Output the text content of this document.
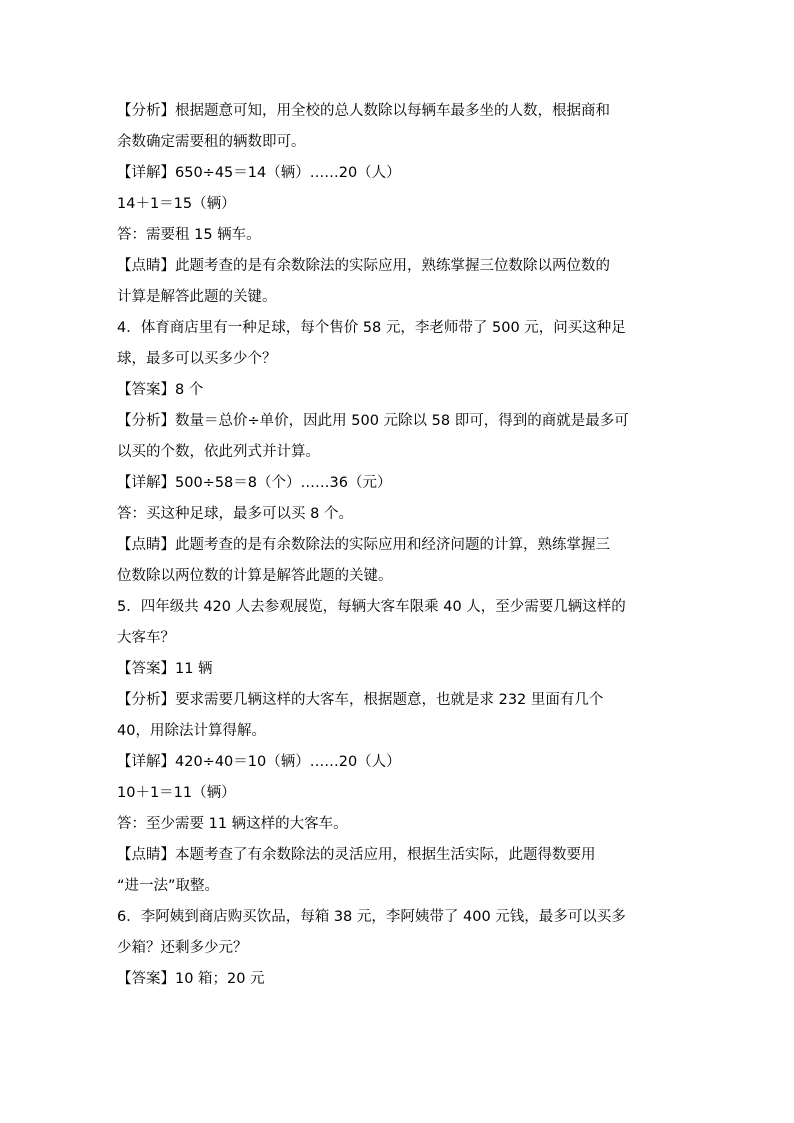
【分析】根据题意可知，用全校的总人数除以每辆车最多坐的人数，根据商和
余数确定需要租的辆数即可。
【详解】650÷45＝14（辆）……20（人）
14＋1＝15（辆）
答：需要租 15 辆车。
【点睛】此题考查的是有余数除法的实际应用，熟练掌握三位数除以两位数的
计算是解答此题的关键。
4．体育商店里有一种足球，每个售价 58 元，李老师带了 500 元，问买这种足
球，最多可以买多少个？
【答案】8 个
【分析】数量＝总价÷单价，因此用 500 元除以 58 即可，得到的商就是最多可
以买的个数，依此列式并计算。
【详解】500÷58＝8（个）……36（元）
答：买这种足球，最多可以买 8 个。
【点睛】此题考查的是有余数除法的实际应用和经济问题的计算，熟练掌握三
位数除以两位数的计算是解答此题的关键。
5．四年级共 420 人去参观展览，每辆大客车限乘 40 人，至少需要几辆这样的
大客车？
【答案】11 辆
【分析】要求需要几辆这样的大客车，根据题意，也就是求 232 里面有几个
40，用除法计算得解。
【详解】420÷40＝10（辆）……20（人）
10＋1＝11（辆）
答：至少需要 11 辆这样的大客车。
【点睛】本题考查了有余数除法的灵活应用，根据生活实际，此题得数要用
“进一法”取整。
6．李阿姨到商店购买饮品，每箱 38 元，李阿姨带了 400 元钱，最多可以买多
少箱？还剩多少元？
【答案】10 箱；20 元
